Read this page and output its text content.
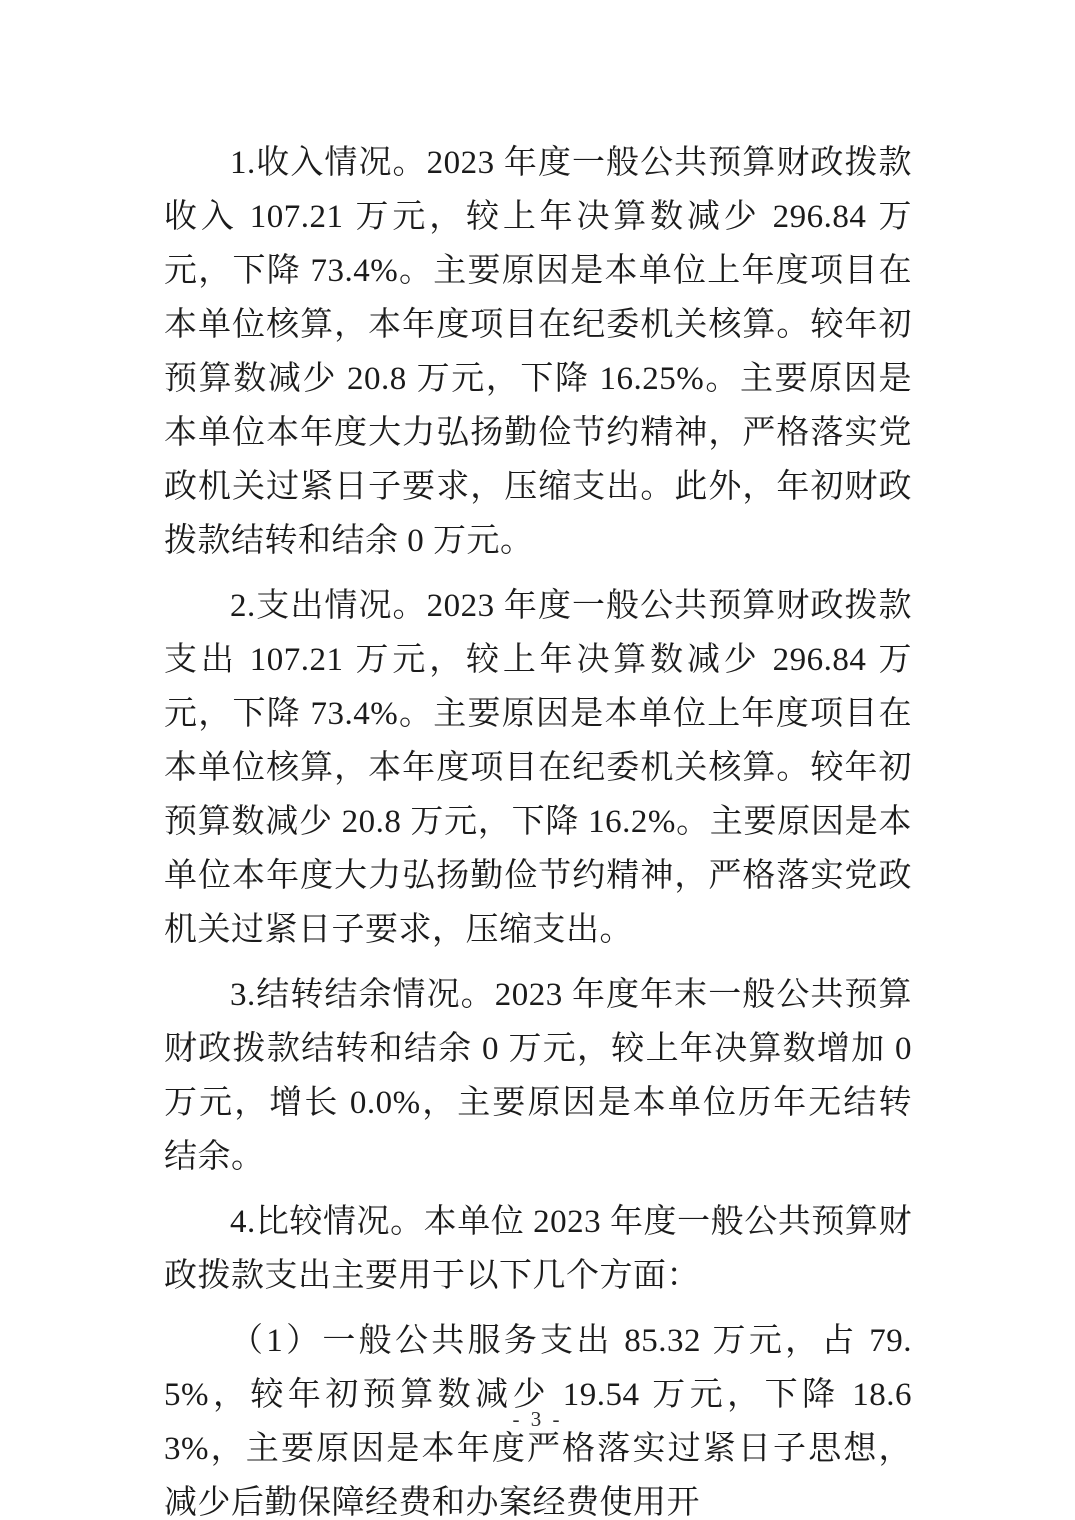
1.收入情况。2023 年度一般公共预算财政拨款收入 107.21 万元，较上年决算数减少 296.84 万元，下降 73.4%。主要原因是本单位上年度项目在本单位核算，本年度项目在纪委机关核算。较年初预算数减少 20.8 万元，下降 16.25%。主要原因是本单位本年度大力弘扬勤俭节约精神，严格落实党政机关过紧日子要求，压缩支出。此外，年初财政拨款结转和结余 0 万元。

2.支出情况。2023 年度一般公共预算财政拨款支出 107.21 万元，较上年决算数减少 296.84 万元，下降 73.4%。主要原因是本单位上年度项目在本单位核算，本年度项目在纪委机关核算。较年初预算数减少 20.8 万元，下降 16.2%。主要原因是本单位本年度大力弘扬勤俭节约精神，严格落实党政机关过紧日子要求，压缩支出。

3.结转结余情况。2023 年度年末一般公共预算财政拨款结转和结余 0 万元，较上年决算数增加 0 万元，增长 0.0%，主要原因是本单位历年无结转结余。

4.比较情况。本单位 2023 年度一般公共预算财政拨款支出主要用于以下几个方面：

（1）一般公共服务支出 85.32 万元，占 79.5%，较年初预算数减少 19.54 万元，下降 18.63%，主要原因是本年度严格落实过紧日子思想，减少后勤保障经费和办案经费使用开

- 3 -
